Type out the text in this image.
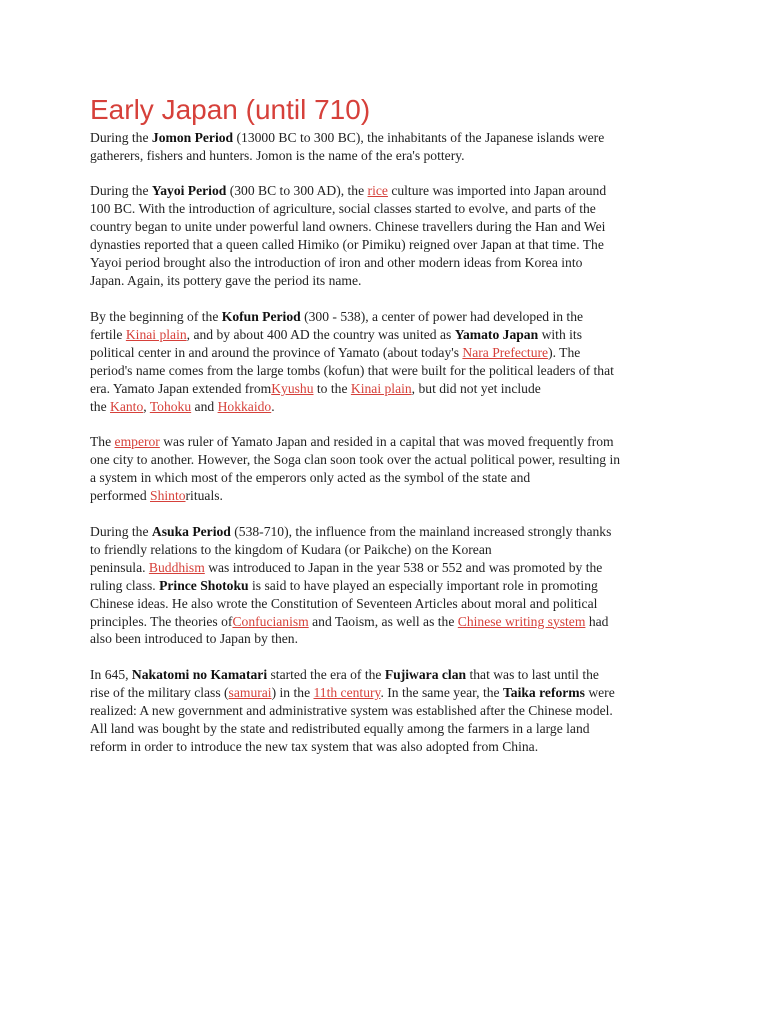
Early Japan (until 710)

During the Jomon Period (13000 BC to 300 BC), the inhabitants of the Japanese islands were
gatherers, fishers and hunters. Jomon is the name of the era's pottery.

During the Yayoi Period (300 BC to 300 AD), the rice culture was imported into Japan around
100 BC. With the introduction of agriculture, social classes started to evolve, and parts of the
country began to unite under powerful land owners. Chinese travellers during the Han and Wei
dynasties reported that a queen called Himiko (or Pimiku) reigned over Japan at that time. The
Yayoi period brought also the introduction of iron and other modern ideas from Korea into
Japan. Again, its pottery gave the period its name.

By the beginning of the Kofun Period (300 - 538), a center of power had developed in the
fertile Kinai plain, and by about 400 AD the country was united as Yamato Japan with its
political center in and around the province of Yamato (about today's Nara Prefecture). The
period's name comes from the large tombs (kofun) that were built for the political leaders of that
era. Yamato Japan extended fromKyushu to the Kinai plain, but did not yet include
the Kanto, Tohoku and Hokkaido.

The emperor was ruler of Yamato Japan and resided in a capital that was moved frequently from
one city to another. However, the Soga clan soon took over the actual political power, resulting in
a system in which most of the emperors only acted as the symbol of the state and
performed Shintorituals.

During the Asuka Period (538-710), the influence from the mainland increased strongly thanks
to friendly relations to the kingdom of Kudara (or Paikche) on the Korean
peninsula. Buddhism was introduced to Japan in the year 538 or 552 and was promoted by the
ruling class. Prince Shotoku is said to have played an especially important role in promoting
Chinese ideas. He also wrote the Constitution of Seventeen Articles about moral and political
principles. The theories ofConfucianism and Taoism, as well as the Chinese writing system had
also been introduced to Japan by then.

In 645, Nakatomi no Kamatari started the era of the Fujiwara clan that was to last until the
rise of the military class (samurai) in the 11th century. In the same year, the Taika reforms were
realized: A new government and administrative system was established after the Chinese model.
All land was bought by the state and redistributed equally among the farmers in a large land
reform in order to introduce the new tax system that was also adopted from China.
